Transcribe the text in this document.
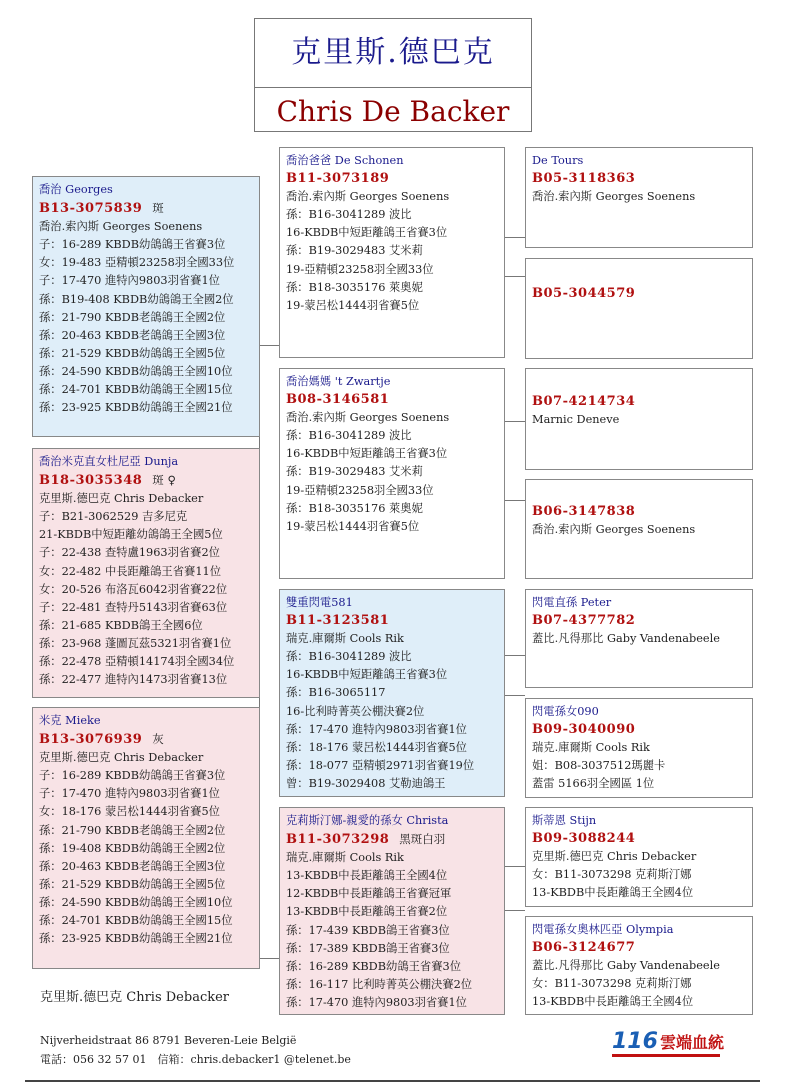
克里斯.德巴克
Chris De Backer
喬治 Georges
B13-3075839 斑
喬治.索內斯 Georges Soenens
子：16-289 KBDB幼鴿鴿王省賽3位
女：19-483 亞精頓23258羽全國33位
子：17-470 進特內9803羽省賽1位
孫：B19-408 KBDB幼鴿鴿王全國2位
孫：21-790 KBDB老鴿鴿王全國2位
孫：20-463 KBDB老鴿鴿王全國3位
孫：21-529 KBDB幼鴿鴿王全國5位
孫：24-590 KBDB幼鴿鴿王全國10位
孫：24-701 KBDB幼鴿鴿王全國15位
孫：23-925 KBDB幼鴿鴿王全國21位
喬治米克直女杜尼亞 Dunja
B18-3035348 斑 ♀
克里斯.德巴克 Chris Debacker
子：B21-3062529 吉多尼克
21-KBDB中短距離幼鴿鴿王全國5位
子：22-438 查特盧1963羽省賽2位
女：22-482 中長距離鴿王省賽11位
女：20-526 布洛瓦6042羽省賽22位
子：22-481 查特丹5143羽省賽63位
孫：21-685 KBDB鴿王全國6位
孫：23-968 蓬圖瓦茲5321羽省賽1位
孫：22-478 亞精頓14174羽全國34位
孫：22-477 進特內1473羽省賽13位
米克 Mieke
B13-3076939 灰
克里斯.德巴克 Chris Debacker
子：16-289 KBDB幼鴿鴿王省賽3位
子：17-470 進特內9803羽省賽1位
女：18-176 蒙呂松1444羽省賽5位
孫：21-790 KBDB老鴿鴿王全國2位
孫：19-408 KBDB幼鴿鴿王全國2位
孫：20-463 KBDB老鴿鴿王全國3位
孫：21-529 KBDB幼鴿鴿王全國5位
孫：24-590 KBDB幼鴿鴿王全國10位
孫：24-701 KBDB幼鴿鴿王全國15位
孫：23-925 KBDB幼鴿鴿王全國21位
喬治爸爸 De Schonen
B11-3073189
喬治.索內斯 Georges Soenens
孫：B16-3041289 波比
16-KBDB中短距離鴿王省賽3位
孫：B19-3029483 艾米莉
19-亞精頓23258羽全國33位
孫：B18-3035176 萊奧妮
19-蒙呂松1444羽省賽5位
喬治媽媽 't Zwartje
B08-3146581
喬治.索內斯 Georges Soenens
孫：B16-3041289 波比
16-KBDB中短距離鴿王省賽3位
孫：B19-3029483 艾米莉
19-亞精頓23258羽全國33位
孫：B18-3035176 萊奧妮
19-蒙呂松1444羽省賽5位
雙重閃電581
B11-3123581
瑞克.庫爾斯 Cools Rik
孫：B16-3041289 波比
16-KBDB中短距離鴿王省賽3位
孫：B16-3065117
16-比利時菁英公棚決賽2位
孫：17-470 進特內9803羽省賽1位
孫：18-176 蒙呂松1444羽省賽5位
孫：18-077 亞精頓2971羽省賽19位
曾：B19-3029408 艾勒迪鴿王
克莉斯汀娜-親愛的孫女 Christa
B11-3073298 黑斑白羽
瑞克.庫爾斯 Cools Rik
13-KBDB中長距離鴿王全國4位
12-KBDB中長距離鴿王省賽冠軍
13-KBDB中長距離鴿王省賽2位
孫：17-439 KBDB鴿王省賽3位
孫：17-389 KBDB鴿王省賽3位
孫：16-289 KBDB幼鴿王省賽3位
孫：16-117 比利時菁英公棚決賽2位
孫：17-470 進特內9803羽省賽1位
De Tours
B05-3118363
喬治.索內斯 Georges Soenens
B05-3044579
B07-4214734
Marnic Deneve
B06-3147838
喬治.索內斯 Georges Soenens
閃電直孫 Peter
B07-4377782
蓋比.凡得那比 Gaby Vandenabeele
閃電孫女090
B09-3040090
瑞克.庫爾斯 Cools Rik
姐：B08-3037512瑪麗卡
蓋雷 5166羽全國區 1位
斯蒂恩 Stijn
B09-3088244
克里斯.德巴克 Chris Debacker
女：B11-3073298 克莉斯汀娜
13-KBDB中長距離鴿王全國4位
閃電孫女奧林匹亞 Olympia
B06-3124677
蓋比.凡得那比 Gaby Vandenabeele
女：B11-3073298 克莉斯汀娜
13-KBDB中長距離鴿王全國4位
克里斯.德巴克 Chris Debacker
Nijverheidstraat 86 8791 Beveren-Leie België
電話：056 32 57 01　信箱：chris.debacker1 @telenet.be
116 雲端血統
